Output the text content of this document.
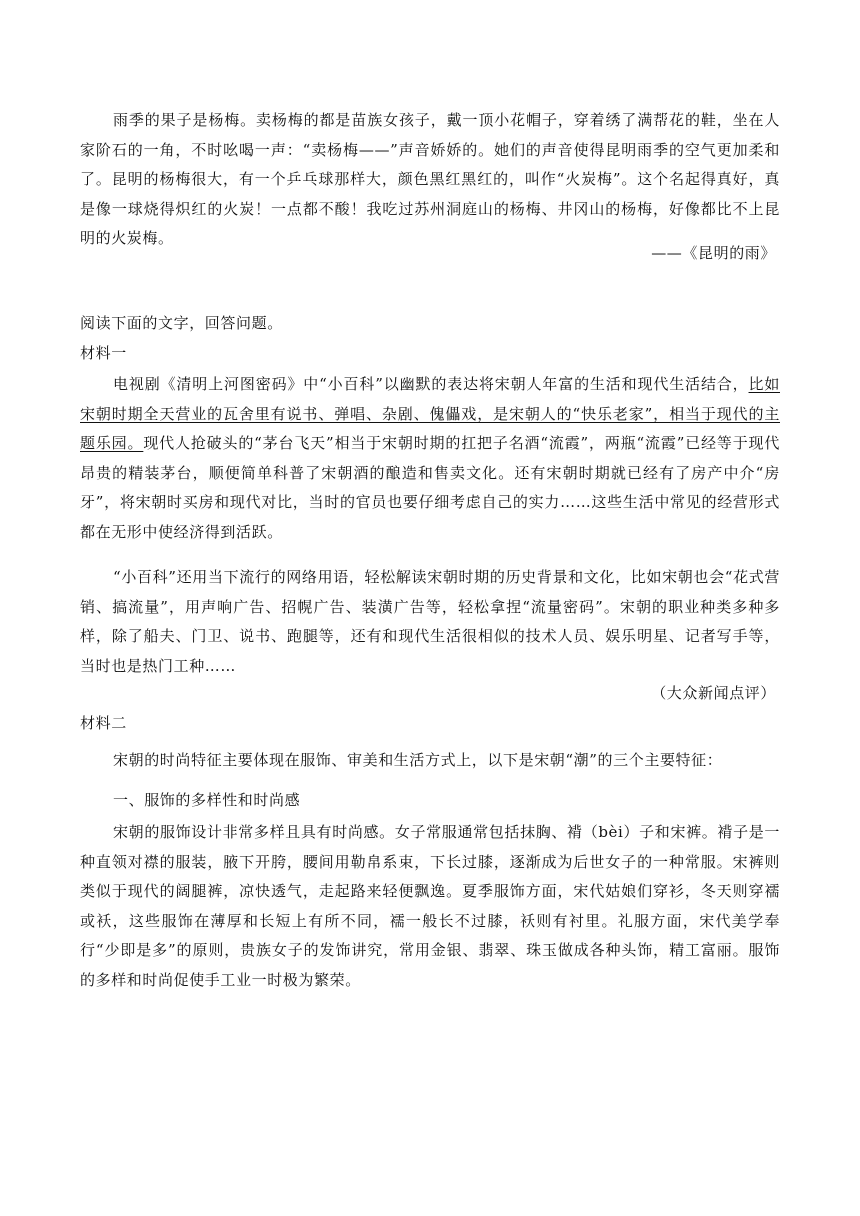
雨季的果子是杨梅。卖杨梅的都是苗族女孩子，戴一顶小花帽子，穿着绣了满帮花的鞋，坐在人家阶石的一角，不时吆喝一声：“卖杨梅——”声音娇娇的。她们的声音使得昆明雨季的空气更加柔和了。昆明的杨梅很大，有一个乒乓球那样大，颜色黑红黑红的，叫作“火炭梅”。这个名起得真好，真是像一球烧得炽红的火炭！一点都不酸！我吃过苏州洞庭山的杨梅、井冈山的杨梅，好像都比不上昆明的火炭梅。

——《昆明的雨》

阅读下面的文字，回答问题。

材料一

电视剧《清明上河图密码》中“小百科”以幽默的表达将宋朝人年富的生活和现代生活结合，比如宋朝时期全天营业的瓦舍里有说书、弹唱、杂剧、傀儡戏，是宋朝人的“快乐老家”，相当于现代的主题乐园。现代人抢破头的“茅台飞天”相当于宋朝时期的扛把子名酒“流霞”，两瓶“流霞”已经等于现代昂贵的精装茅台，顺便简单科普了宋朝酒的酿造和售卖文化。还有宋朝时期就已经有了房产中介“房牙”，将宋朝时买房和现代对比，当时的官员也要仔细考虑自己的实力……这些生活中常见的经营形式都在无形中使经济得到活跃。

“小百科”还用当下流行的网络用语，轻松解读宋朝时期的历史背景和文化，比如宋朝也会“花式营销、搞流量”，用声响广告、招幌广告、装潢广告等，轻松拿捏“流量密码”。宋朝的职业种类多种多样，除了船夫、门卫、说书、跑腿等，还有和现代生活很相似的技术人员、娱乐明星、记者写手等，当时也是热门工种……

（大众新闻点评）

材料二

宋朝的时尚特征主要体现在服饰、审美和生活方式上，以下是宋朝“潮”的三个主要特征：

一、服饰的多样性和时尚感

宋朝的服饰设计非常多样且具有时尚感。女子常服通常包括抹胸、褙（bèi）子和宋裤。褙子是一种直领对襟的服装，腋下开胯，腰间用勒帛系束，下长过膝，逐渐成为后世女子的一种常服。宋裤则类似于现代的阔腿裤，凉快透气，走起路来轻便飘逸。夏季服饰方面，宋代姑娘们穿衫，冬天则穿襦或袄，这些服饰在薄厚和长短上有所不同，襦一般长不过膝，袄则有衬里。礼服方面，宋代美学奉行“少即是多”的原则，贵族女子的发饰讲究，常用金银、翡翠、珠玉做成各种头饰，精工富丽。服饰的多样和时尚促使手工业一时极为繁荣。
